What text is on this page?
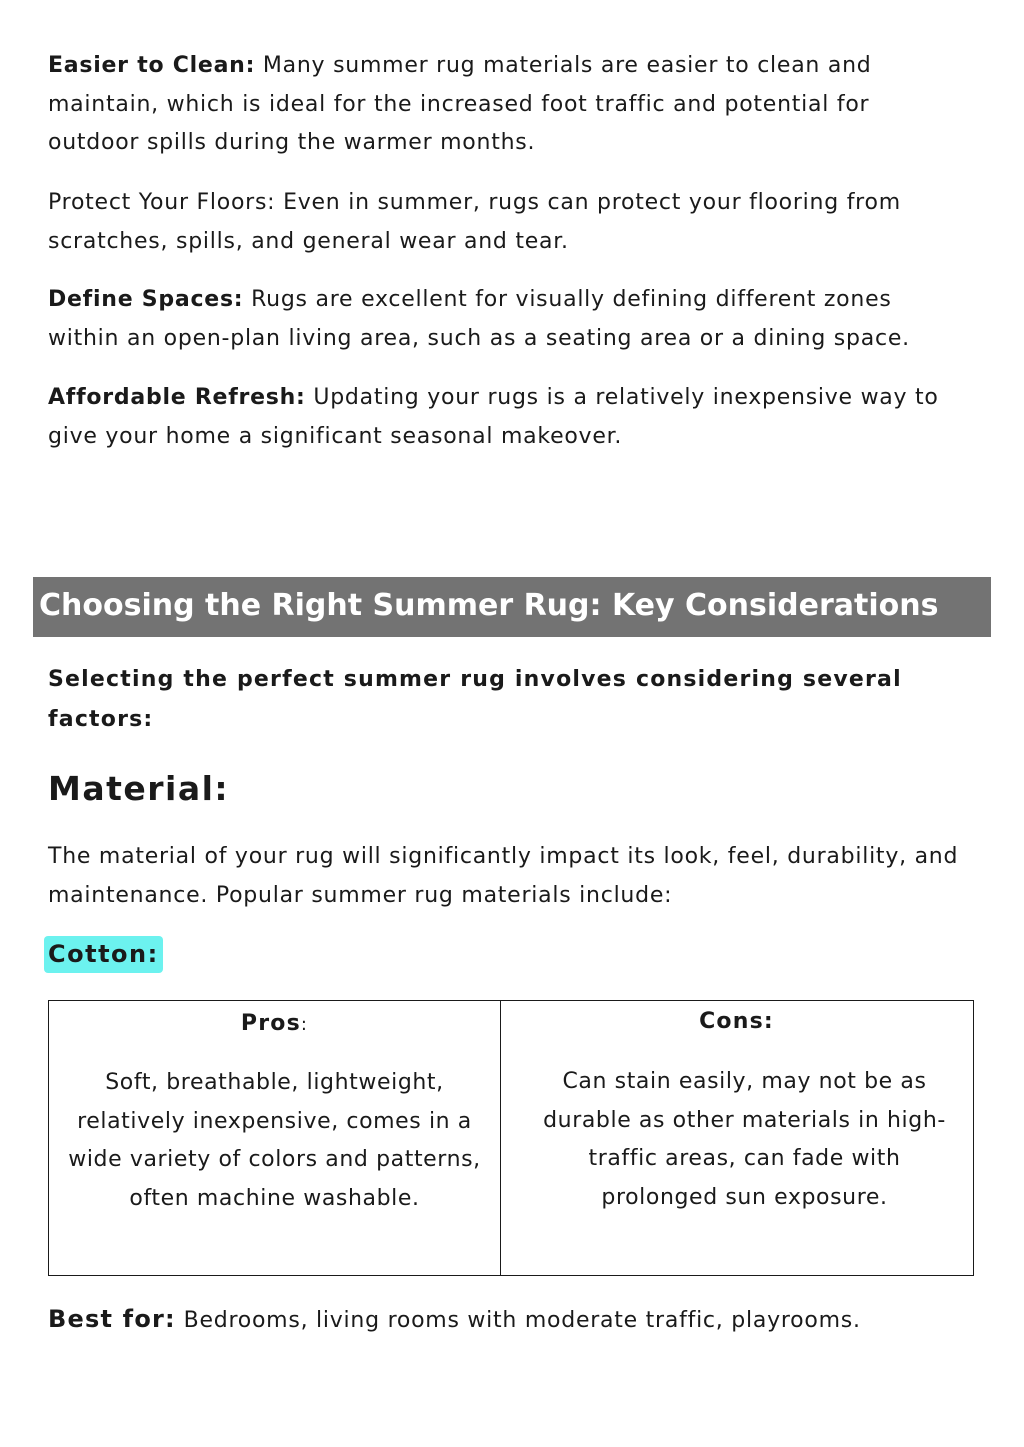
Easier to Clean: Many summer rug materials are easier to clean and maintain, which is ideal for the increased foot traffic and potential for outdoor spills during the warmer months.

Protect Your Floors: Even in summer, rugs can protect your flooring from scratches, spills, and general wear and tear.

Define Spaces: Rugs are excellent for visually defining different zones within an open-plan living area, such as a seating area or a dining space.

Affordable Refresh: Updating your rugs is a relatively inexpensive way to give your home a significant seasonal makeover.

Choosing the Right Summer Rug: Key Considerations

Selecting the perfect summer rug involves considering several factors:

Material:

The material of your rug will significantly impact its look, feel, durability, and maintenance. Popular summer rug materials include:

Cotton:
Pros:
Soft, breathable, lightweight, relatively inexpensive, comes in a wide variety of colors and patterns, often machine washable.
Cons:
Can stain easily, may not be as durable as other materials in high-traffic areas, can fade with prolonged sun exposure.

Best for: Bedrooms, living rooms with moderate traffic, playrooms.
